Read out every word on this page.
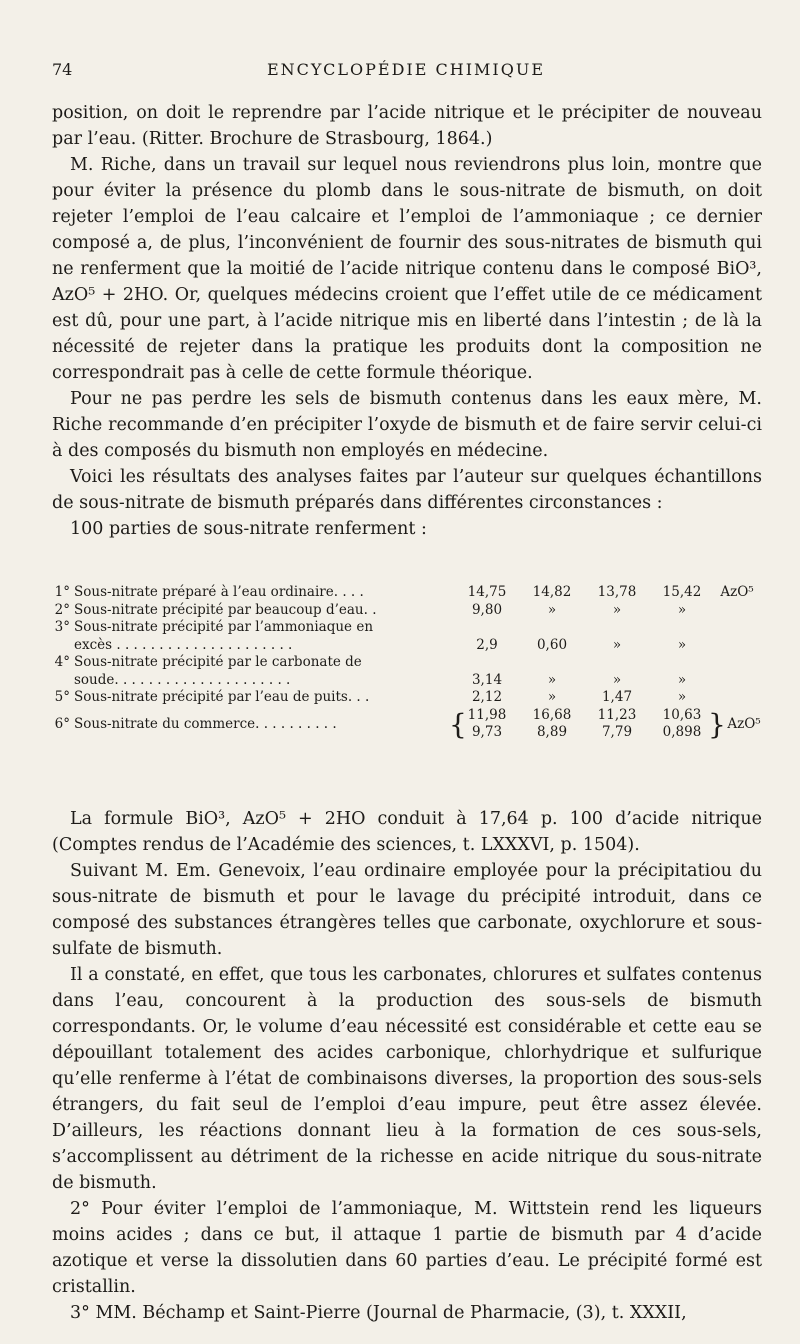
74	ENCYCLOPÉDIE CHIMIQUE

position, on doit le reprendre par l’acide nitrique et le précipiter de nouveau par l’eau. (Ritter. Brochure de Strasbourg, 1864.)

M. Riche, dans un travail sur lequel nous reviendrons plus loin, montre que pour éviter la présence du plomb dans le sous-nitrate de bismuth, on doit rejeter l’emploi de l’eau calcaire et l’emploi de l’ammoniaque ; ce dernier composé a, de plus, l’inconvénient de fournir des sous-nitrates de bismuth qui ne renferment que la moitié de l’acide nitrique contenu dans le composé BiO³, AzO⁵ + 2HO. Or, quelques médecins croient que l’effet utile de ce médicament est dû, pour une part, à l’acide nitrique mis en liberté dans l’intestin ; de là la nécessité de rejeter dans la pratique les produits dont la composition ne correspondrait pas à celle de cette formule théorique.

Pour ne pas perdre les sels de bismuth contenus dans les eaux mère, M. Riche recommande d’en précipiter l’oxyde de bismuth et de faire servir celui-ci à des composés du bismuth non employés en médecine.

Voici les résultats des analyses faites par l’auteur sur quelques échantillons de sous-nitrate de bismuth préparés dans différentes circonstances :

100 parties de sous-nitrate renferment :

1° Sous-nitrate préparé à l’eau ordinaire. . . .	14,75	14,82	13,78	15,42	AzO⁵
2° Sous-nitrate précipité par beaucoup d’eau. .	9,80	»	»	»
3° Sous-nitrate précipité par l’ammoniaque en
excès . . . . . . . . . . . . . . . . . . . . .	2,9	0,60	»	»
4° Sous-nitrate précipité par le carbonate de
soude. . . . . . . . . . . . . . . . . . . . .	3,14	»	»	»
5° Sous-nitrate précipité par l’eau de puits. . .	2,12	»	1,47	»
6° Sous-nitrate du commerce. . . . . . . . . .	{ 11,98	16,68	11,23	10,63
9,73	8,89	7,79	0,898 } AzO⁵

La formule BiO³, AzO⁵ + 2HO conduit à 17,64 p. 100 d’acide nitrique (Comptes rendus de l’Académie des sciences, t. LXXXVI, p. 1504).

Suivant M. Em. Genevoix, l’eau ordinaire employée pour la précipitatiou du sous-nitrate de bismuth et pour le lavage du précipité introduit, dans ce composé des substances étrangères telles que carbonate, oxychlorure et sous-sulfate de bismuth.

Il a constaté, en effet, que tous les carbonates, chlorures et sulfates contenus dans l’eau, concourent à la production des sous-sels de bismuth correspondants. Or, le volume d’eau nécessité est considérable et cette eau se dépouillant totalement des acides carbonique, chlorhydrique et sulfurique qu’elle renferme à l’état de combinaisons diverses, la proportion des sous-sels étrangers, du fait seul de l’emploi d’eau impure, peut être assez élevée. D’ailleurs, les réactions donnant lieu à la formation de ces sous-sels, s’accomplissent au détriment de la richesse en acide nitrique du sous-nitrate de bismuth.

2° Pour éviter l’emploi de l’ammoniaque, M. Wittstein rend les liqueurs moins acides ; dans ce but, il attaque 1 partie de bismuth par 4 d’acide azotique et verse la dissolutien dans 60 parties d’eau. Le précipité formé est cristallin.

3° MM. Béchamp et Saint-Pierre (Journal de Pharmacie, (3), t. XXXII,
